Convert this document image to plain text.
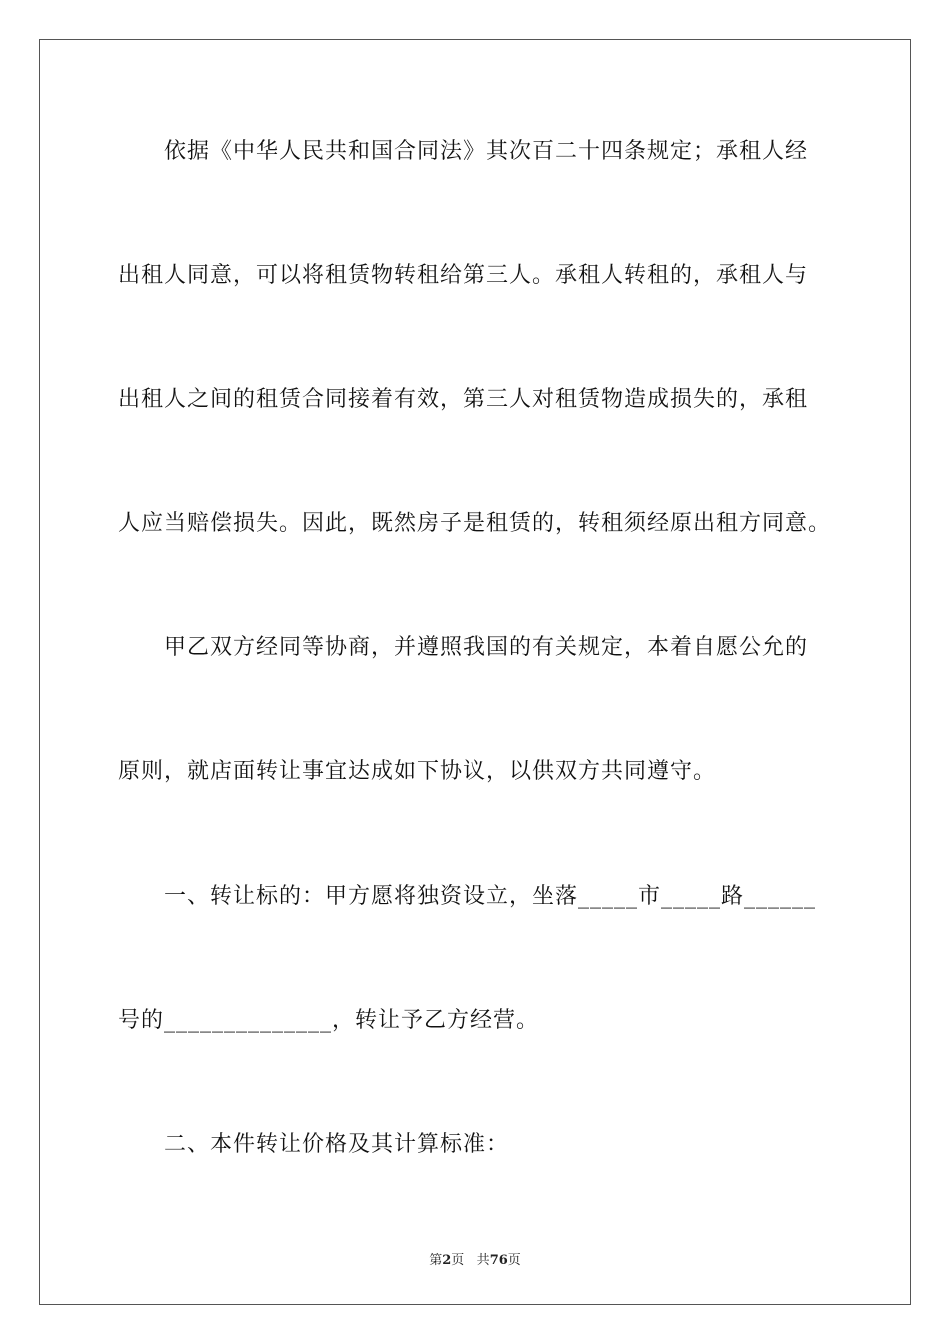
依据《中华人民共和国合同法》其次百二十四条规定；承租人经
出租人同意，可以将租赁物转租给第三人。承租人转租的，承租人与
出租人之间的租赁合同接着有效，第三人对租赁物造成损失的，承租
人应当赔偿损失。因此，既然房子是租赁的，转租须经原出租方同意。
甲乙双方经同等协商，并遵照我国的有关规定，本着自愿公允的
原则，就店面转让事宜达成如下协议，以供双方共同遵守。
一、转让标的：甲方愿将独资设立，坐落_____市_____路______
号的______________，转让予乙方经营。
二、本件转让价格及其计算标准：
第2页 共76页
